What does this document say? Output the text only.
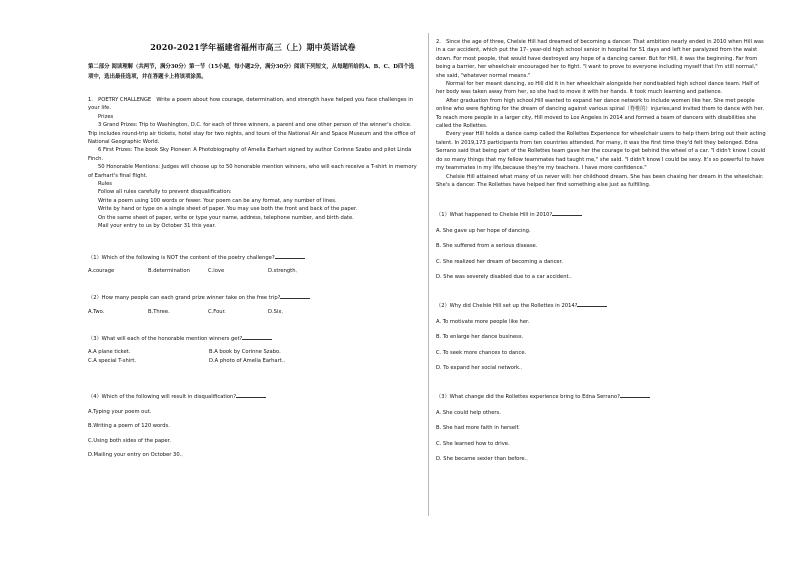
2020-2021学年福建省福州市高三（上）期中英语试卷
第二部分 阅读理解（共两节，满分30分）第一节（15小题，每小题2分，满分30分）阅读下列短文，从每题所给的A、B、C、D四个选项中，选出最佳选项，并在答题卡上将该项涂黑。

1.　POETRY CHALLENGE　Write a poem about how courage, determination, and strength have helped you face challenges in your life.

Prizes

3 Grand Prizes: Trip to Washington, D.C. for each of three winners, a parent and one other person of the winner's choice. Trip includes round-trip air tickets, hotel stay for two nights, and tours of the National Air and Space Museum and the office of National Geographic World.

6 First Prizes: The book Sky Pioneer: A Photobiography of Amelia Earhart signed by author Corinne Szabo and pilot Linda Finch.

50 Honorable Mentions: Judges will choose up to 50 honorable mention winners, who will each receive a T-shirt in memory of Earhart's final flight.

Rules

Follow all rules carefully to prevent disqualification:

Write a poem using 100 words or fewer. Your poem can be any format, any number of lines.

Write by hand or type on a single sheet of paper. You may use both the front and back of the paper.

On the same sheet of paper, write or type your name, address, telephone number, and birth date.

Mail your entry to us by October 31 this year.

（1）Which of the following is NOT the content of the poetry challenge?

A.courage	B.determination	C.love	D.strength．

（2）How many people can each grand prize winner take on the free trip?

A.Two.	B.Three.	C.Four.	D.Six．

（3）What will each of the honorable mention winners get?

A.A plane ticket.	B.A book by Corinne Szabo.
C.A special T-shirt.	D.A photo of Amelia Earhart.．

（4）Which of the following will result in disqualification?

A.Typing your poem out.
B.Writing a poem of 120 words.
C.Using both sides of the paper.
D.Mailing your entry on October 30.．

2.　Since the age of three, Chelsie Hill had dreamed of becoming a dancer. That ambition nearly ended in 2010 when Hill was in a car accident, which put the 17- year-old high school senior in hospital for 51 days and left her paralyzed from the waist down. For most people, that would have destroyed any hope of a dancing career. But for Hill, it was the beginning. Far from being a barrier, her wheelchair encouraged her to fight. "I want to prove to everyone including myself that I'm still normal," she said, "whatever normal means."

Normal for her meant dancing, so Hill did it in her wheelchair alongside her nondisabled high school dance team. Half of her body was taken away from her, so she had to move it with her hands. It took much learning and patience.

After graduation from high school,Hill wanted to expand her dance network to include women like her. She met people online who were fighting for the dream of dancing against various spinal（脊椎的）injuries,and invited them to dance with her. To reach more people in a larger city, Hill moved to Los Angeles in 2014 and formed a team of dancers with disabilities she called the Rollettes.

Every year Hill holds a dance camp called the Rollettes Experience for wheelchair users to help them bring out their acting talent. In 2019,173 participants from ten countries attended. For many, it was the first time they'd felt they belonged. Edna Serrano said that being part of the Rollettes team gave her the courage to get behind the wheel of a car. "I didn't know I could do so many things that my fellow teammates had taught me," she said. "I didn't know I could be sexy. It's so powerful to have my teammates in my life,because they're my teachers. I have more confidence."

Chelsie Hill attained what many of us never will: her childhood dream. She has been chasing her dream in the wheelchair. She's a dancer. The Rollettes have helped her find something else just as fulfilling.

（1）What happened to Chelsie Hill in 2010?

A. She gave up her hope of dancing.
B. She suffered from a serious disease.
C. She realized her dream of becoming a dancer.
D. She was severely disabled due to a car accident.．

（2）Why did Chelsie Hill set up the Rollettes in 2014?

A. To motivate more people like her.
B. To enlarge her dance business.
C. To seek more chances to dance.
D. To expand her social network.．

（3）What change did the Rollettes experience bring to Edna Serrano?

A. She could help others.
B. She had more faith in herself.
C. She learned how to drive.
D. She became sexier than before.．
